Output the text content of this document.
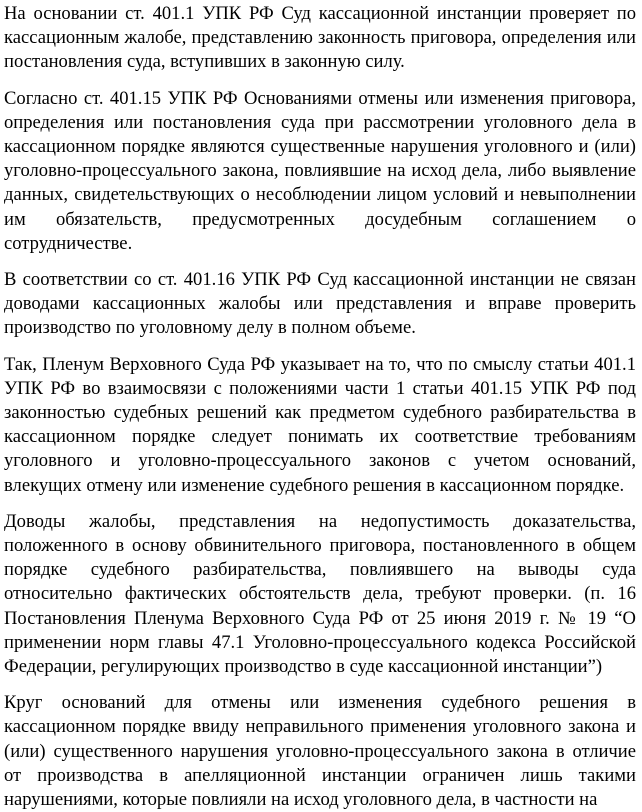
На основании ст. 401.1 УПК РФ Суд кассационной инстанции проверяет по кассационным жалобе, представлению законность приговора, определения или постановления суда, вступивших в законную силу.

Согласно ст. 401.15 УПК РФ Основаниями отмены или изменения приговора, определения или постановления суда при рассмотрении уголовного дела в кассационном порядке являются существенные нарушения уголовного и (или) уголовно-процессуального закона, повлиявшие на исход дела, либо выявление данных, свидетельствующих о несоблюдении лицом условий и невыполнении им обязательств, предусмотренных досудебным соглашением о сотрудничестве.

В соответствии со ст. 401.16 УПК РФ Суд кассационной инстанции не связан доводами кассационных жалобы или представления и вправе проверить производство по уголовному делу в полном объеме.

Так, Пленум Верховного Суда РФ указывает на то, что по смыслу статьи 401.1 УПК РФ во взаимосвязи с положениями части 1 статьи 401.15 УПК РФ под законностью судебных решений как предметом судебного разбирательства в кассационном порядке следует понимать их соответствие требованиям уголовного и уголовно-процессуального законов с учетом оснований, влекущих отмену или изменение судебного решения в кассационном порядке.

Доводы жалобы, представления на недопустимость доказательства, положенного в основу обвинительного приговора, постановленного в общем порядке судебного разбирательства, повлиявшего на выводы суда относительно фактических обстоятельств дела, требуют проверки. (п. 16 Постановления Пленума Верховного Суда РФ от 25 июня 2019 г. № 19 “О применении норм главы 47.1 Уголовно-процессуального кодекса Российской Федерации, регулирующих производство в суде кассационной инстанции”)

Круг оснований для отмены или изменения судебного решения в кассационном порядке ввиду неправильного применения уголовного закона и (или) существенного нарушения уголовно-процессуального закона в отличие от производства в апелляционной инстанции ограничен лишь такими нарушениями, которые повлияли на исход уголовного дела, в частности на
